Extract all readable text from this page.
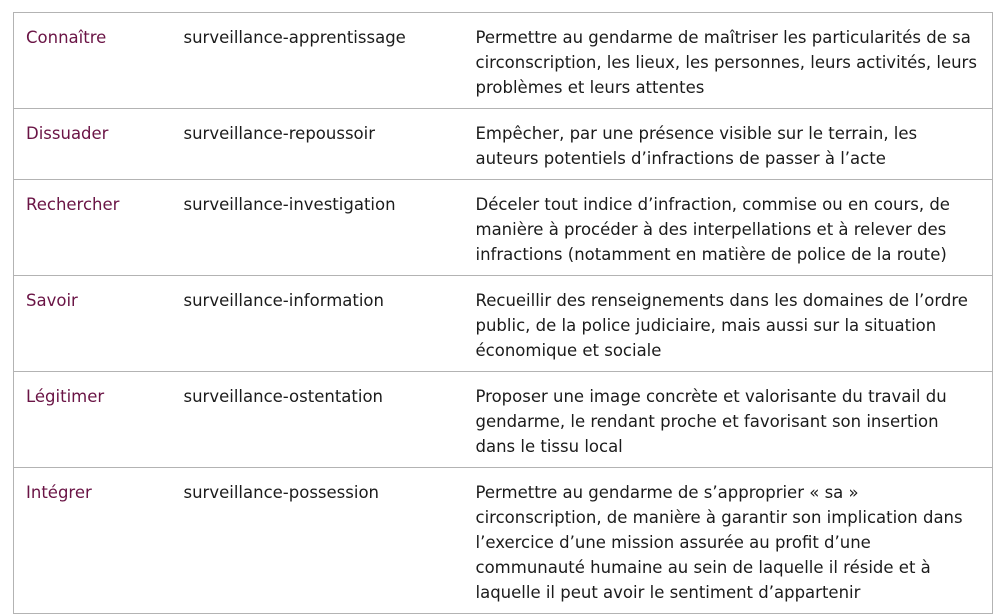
Connaître	surveillance-apprentissage	Permettre au gendarme de maîtriser les particularités de sa circonscription, les lieux, les personnes, leurs activités, leurs problèmes et leurs attentes
Dissuader	surveillance-repoussoir	Empêcher, par une présence visible sur le terrain, les auteurs potentiels d’infractions de passer à l’acte
Rechercher	surveillance-investigation	Déceler tout indice d’infraction, commise ou en cours, de manière à procéder à des interpellations et à relever des infractions (notamment en matière de police de la route)
Savoir	surveillance-information	Recueillir des renseignements dans les domaines de l’ordre public, de la police judiciaire, mais aussi sur la situation économique et sociale
Légitimer	surveillance-ostentation	Proposer une image concrète et valorisante du travail du gendarme, le rendant proche et favorisant son insertion dans le tissu local
Intégrer	surveillance-possession	Permettre au gendarme de s’approprier « sa » circonscription, de manière à garantir son implication dans l’exercice d’une mission assurée au profit d’une communauté humaine au sein de laquelle il réside et à laquelle il peut avoir le sentiment d’appartenir
